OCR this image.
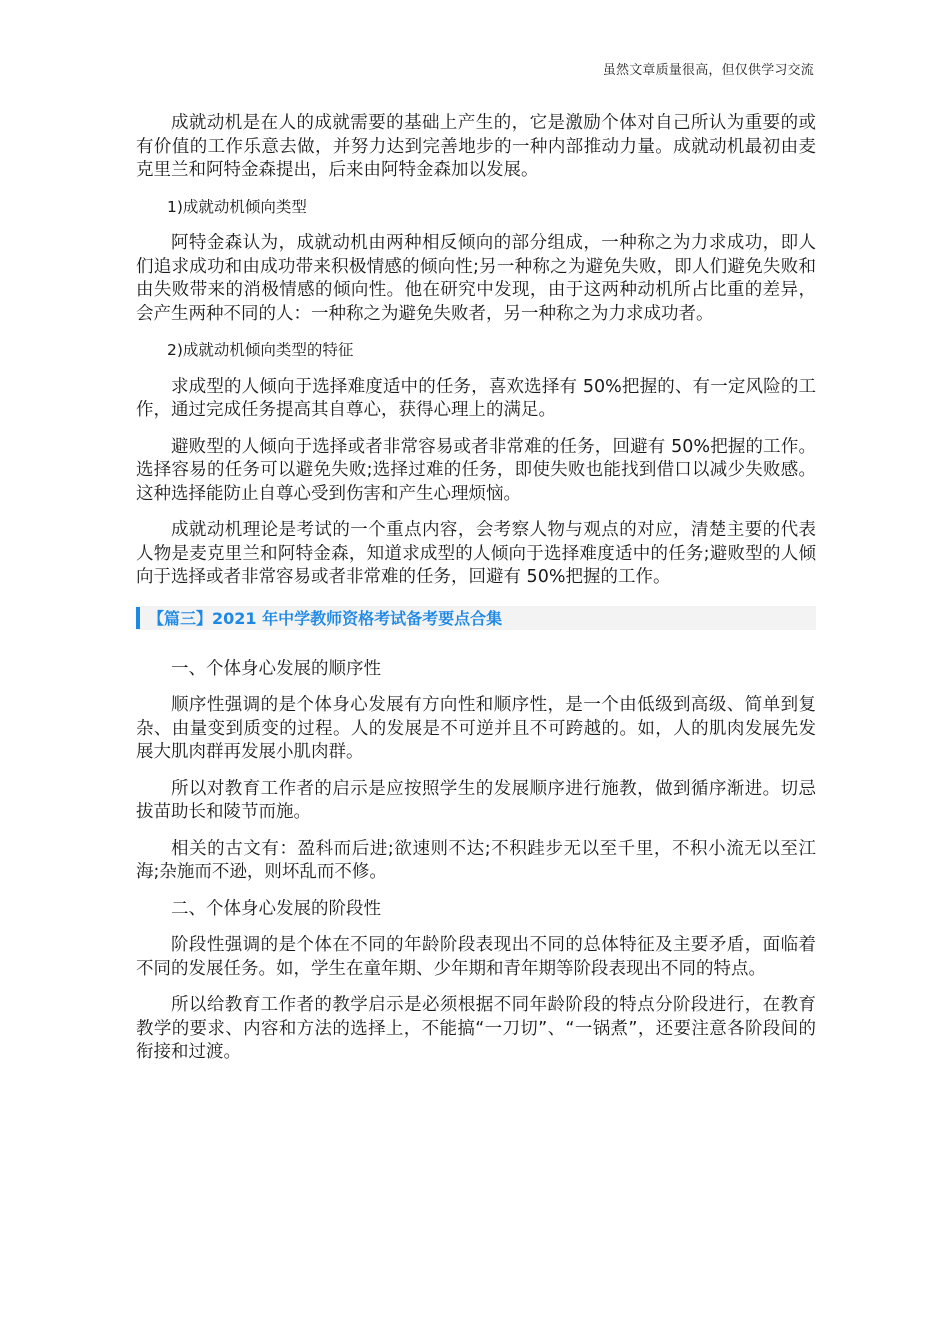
虽然文章质量很高，但仅供学习交流

成就动机是在人的成就需要的基础上产生的，它是激励个体对自己所认为重要的或有价值的工作乐意去做，并努力达到完善地步的一种内部推动力量。成就动机最初由麦克里兰和阿特金森提出，后来由阿特金森加以发展。

1)成就动机倾向类型

阿特金森认为，成就动机由两种相反倾向的部分组成，一种称之为力求成功，即人们追求成功和由成功带来积极情感的倾向性;另一种称之为避免失败，即人们避免失败和由失败带来的消极情感的倾向性。他在研究中发现，由于这两种动机所占比重的差异，会产生两种不同的人：一种称之为避免失败者，另一种称之为力求成功者。

2)成就动机倾向类型的特征

求成型的人倾向于选择难度适中的任务，喜欢选择有 50%把握的、有一定风险的工作，通过完成任务提高其自尊心，获得心理上的满足。

避败型的人倾向于选择或者非常容易或者非常难的任务，回避有 50%把握的工作。选择容易的任务可以避免失败;选择过难的任务，即使失败也能找到借口以减少失败感。这种选择能防止自尊心受到伤害和产生心理烦恼。

成就动机理论是考试的一个重点内容，会考察人物与观点的对应，清楚主要的代表人物是麦克里兰和阿特金森，知道求成型的人倾向于选择难度适中的任务;避败型的人倾向于选择或者非常容易或者非常难的任务，回避有 50%把握的工作。

【篇三】2021 年中学教师资格考试备考要点合集

一、个体身心发展的顺序性

顺序性强调的是个体身心发展有方向性和顺序性，是一个由低级到高级、简单到复杂、由量变到质变的过程。人的发展是不可逆并且不可跨越的。如，人的肌肉发展先发展大肌肉群再发展小肌肉群。

所以对教育工作者的启示是应按照学生的发展顺序进行施教，做到循序渐进。切忌拔苗助长和陵节而施。

相关的古文有：盈科而后进;欲速则不达;不积跬步无以至千里，不积小流无以至江海;杂施而不逊，则坏乱而不修。

二、个体身心发展的阶段性

阶段性强调的是个体在不同的年龄阶段表现出不同的总体特征及主要矛盾，面临着不同的发展任务。如，学生在童年期、少年期和青年期等阶段表现出不同的特点。

所以给教育工作者的教学启示是必须根据不同年龄阶段的特点分阶段进行，在教育教学的要求、内容和方法的选择上，不能搞“一刀切”、“一锅煮”，还要注意各阶段间的衔接和过渡。
